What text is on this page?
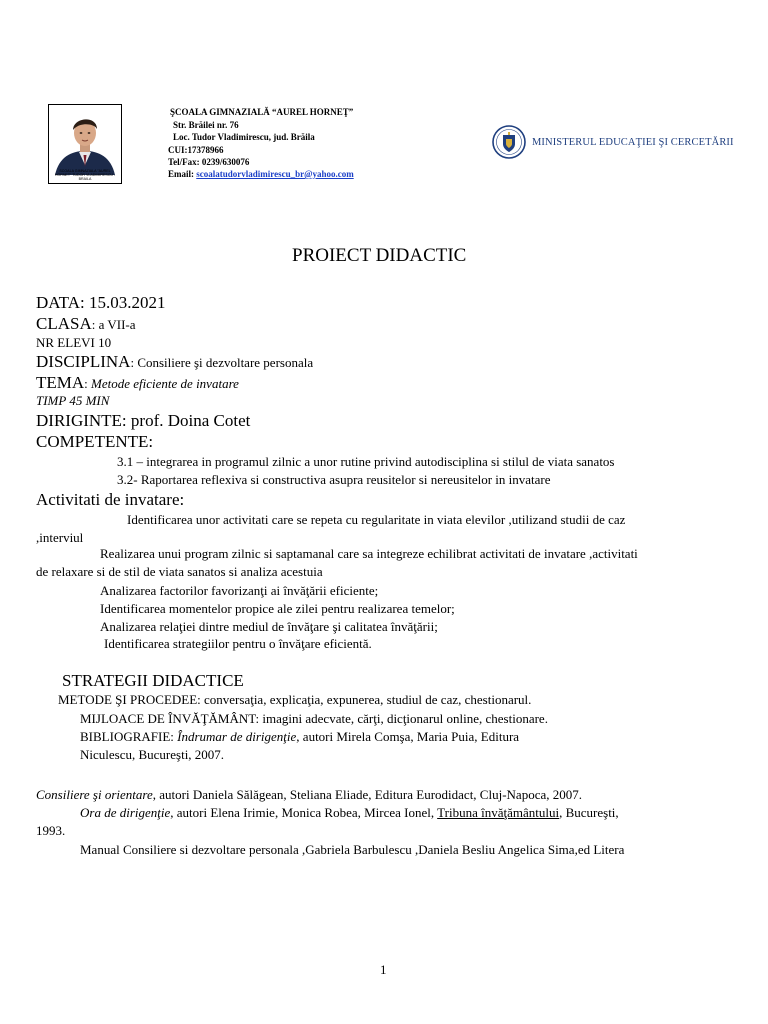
SCOALA GIMNAZIALA "AUREL HORNET" TUDOR VLADIMIRESCU - BRAILA
ŞCOALA GIMNAZIALĂ “AUREL HORNEŢ”
Str. Brăilei nr. 76
Loc. Tudor Vladimirescu, jud. Brăila
CUI:17378966
Tel/Fax: 0239/630076
Email: scoalatudorvladimirescu_br@yahoo.com
MINISTERUL EDUCAŢIEI ŞI CERCETĂRII
PROIECT DIDACTIC
DATA: 15.03.2021
CLASA: a VII-a
NR ELEVI 10
DISCIPLINA: Consiliere şi dezvoltare personala
TEMA: Metode eficiente de invatare
TIMP 45 MIN
DIRIGINTE: prof. Doina Cotet
COMPETENTE:
3.1 – integrarea in programul zilnic a unor rutine privind autodisciplina si stilul de viata sanatos
3.2- Raportarea reflexiva si constructiva asupra reusitelor si nereusitelor in invatare
Activitati de invatare:
Identificarea unor activitati care se repeta cu regularitate in viata elevilor ,utilizand studii de caz
,interviul
Realizarea unui program zilnic si saptamanal care sa integreze echilibrat activitati de invatare ,activitati
de relaxare si de stil de viata sanatos si analiza acestuia
Analizarea factorilor favorizanţi ai învăţării eficiente;
Identificarea momentelor propice ale zilei pentru realizarea temelor;
Analizarea relaţiei dintre mediul de învăţare şi calitatea învăţării;
Identificarea strategiilor pentru o învăţare eficientă.
STRATEGII DIDACTICE
METODE ŞI PROCEDEE: conversaţia, explicaţia, expunerea, studiul de caz, chestionarul.
MIJLOACE DE ÎNVĂŢĂMÂNT: imagini adecvate, cărţi, dicţionarul online, chestionare.
BIBLIOGRAFIE: Îndrumar de dirigenţie, autori Mirela Comşa, Maria Puia, Editura
Niculescu, Bucureşti, 2007.
Consiliere şi orientare, autori Daniela Sălăgean, Steliana Eliade, Editura Eurodidact, Cluj-Napoca, 2007.
Ora de dirigenţie, autori Elena Irimie, Monica Robea, Mircea Ionel, Tribuna învăţământului, Bucureşti,
1993.
Manual Consiliere si dezvoltare personala ,Gabriela Barbulescu ,Daniela Besliu Angelica Sima,ed Litera
1
